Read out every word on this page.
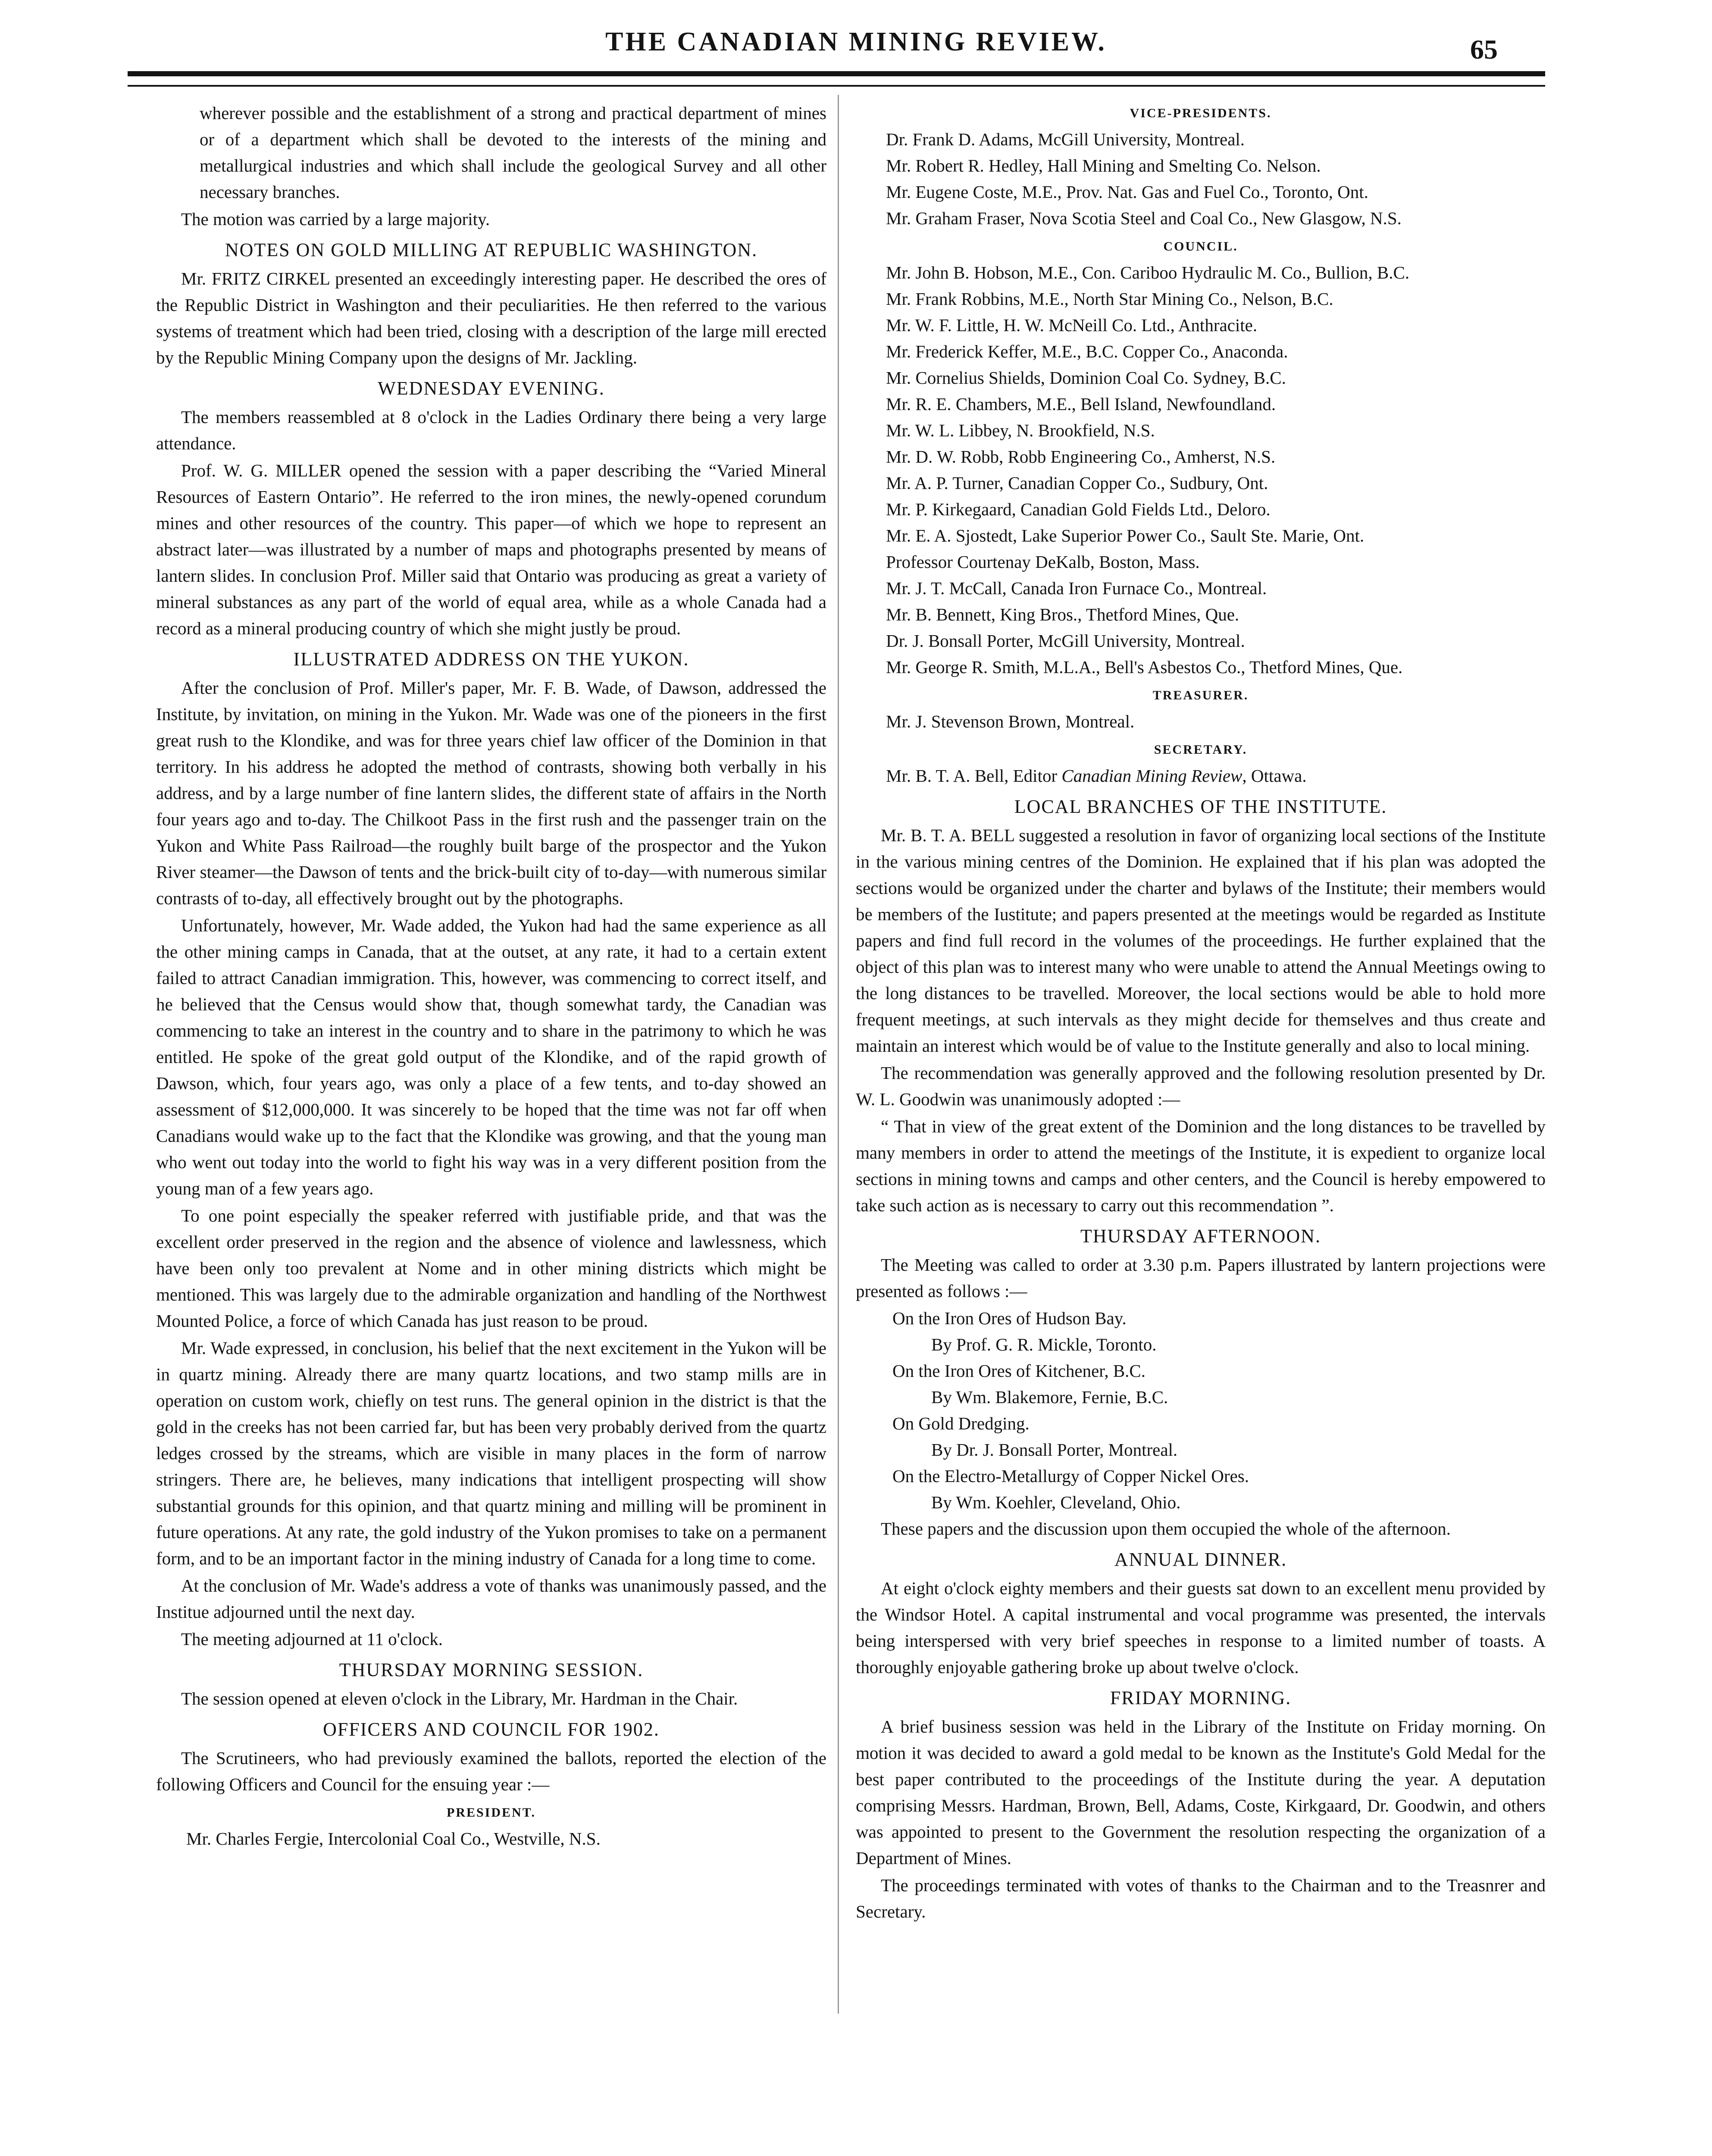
THE CANADIAN MINING REVIEW.	65

wherever possible and the establishment of a strong and practical department of mines or of a department which shall be devoted to the interests of the mining and metallurgical industries and which shall include the geological Survey and all other necessary branches.

The motion was carried by a large majority.

NOTES ON GOLD MILLING AT REPUBLIC WASHINGTON.

Mr. FRITZ CIRKEL presented an exceedingly interesting paper. He described the ores of the Republic District in Washington and their peculiarities. He then referred to the various systems of treatment which had been tried, closing with a description of the large mill erected by the Republic Mining Company upon the designs of Mr. Jackling.

WEDNESDAY EVENING.

The members reassembled at 8 o'clock in the Ladies Ordinary there being a very large attendance.

Prof. W. G. MILLER opened the session with a paper describing the “Varied Mineral Resources of Eastern Ontario”. He referred to the iron mines, the newly-opened corundum mines and other resources of the country. This paper—of which we hope to represent an abstract later—was illustrated by a number of maps and photographs presented by means of lantern slides. In conclusion Prof. Miller said that Ontario was producing as great a variety of mineral substances as any part of the world of equal area, while as a whole Canada had a record as a mineral producing country of which she might justly be proud.

ILLUSTRATED ADDRESS ON THE YUKON.

After the conclusion of Prof. Miller's paper, Mr. F. B. Wade, of Dawson, addressed the Institute, by invitation, on mining in the Yukon. Mr. Wade was one of the pioneers in the first great rush to the Klondike, and was for three years chief law officer of the Dominion in that territory. In his address he adopted the method of contrasts, showing both verbally in his address, and by a large number of fine lantern slides, the different state of affairs in the North four years ago and to-day. The Chilkoot Pass in the first rush and the passenger train on the Yukon and White Pass Railroad—the roughly built barge of the prospector and the Yukon River steamer—the Dawson of tents and the brick-built city of to-day—with numerous similar contrasts of to-day, all effectively brought out by the photographs.

Unfortunately, however, Mr. Wade added, the Yukon had had the same experience as all the other mining camps in Canada, that at the outset, at any rate, it had to a certain extent failed to attract Canadian immigration. This, however, was commencing to correct itself, and he believed that the Census would show that, though somewhat tardy, the Canadian was commencing to take an interest in the country and to share in the patrimony to which he was entitled. He spoke of the great gold output of the Klondike, and of the rapid growth of Dawson, which, four years ago, was only a place of a few tents, and to-day showed an assessment of $12,000,000. It was sincerely to be hoped that the time was not far off when Canadians would wake up to the fact that the Klondike was growing, and that the young man who went out today into the world to fight his way was in a very different position from the young man of a few years ago.

To one point especially the speaker referred with justifiable pride, and that was the excellent order preserved in the region and the absence of violence and lawlessness, which have been only too prevalent at Nome and in other mining districts which might be mentioned. This was largely due to the admirable organization and handling of the Northwest Mounted Police, a force of which Canada has just reason to be proud.

Mr. Wade expressed, in conclusion, his belief that the next excitement in the Yukon will be in quartz mining. Already there are many quartz locations, and two stamp mills are in operation on custom work, chiefly on test runs. The general opinion in the district is that the gold in the creeks has not been carried far, but has been very probably derived from the quartz ledges crossed by the streams, which are visible in many places in the form of narrow stringers. There are, he believes, many indications that intelligent prospecting will show substantial grounds for this opinion, and that quartz mining and milling will be prominent in future operations. At any rate, the gold industry of the Yukon promises to take on a permanent form, and to be an important factor in the mining industry of Canada for a long time to come.

At the conclusion of Mr. Wade's address a vote of thanks was unanimously passed, and the Institue adjourned until the next day.

The meeting adjourned at 11 o'clock.

THURSDAY MORNING SESSION.

The session opened at eleven o'clock in the Library, Mr. Hardman in the Chair.

OFFICERS AND COUNCIL FOR 1902.

The Scrutineers, who had previously examined the ballots, reported the election of the following Officers and Council for the ensuing year :—

PRESIDENT.

Mr. Charles Fergie, Intercolonial Coal Co., Westville, N.S.

VICE-PRESIDENTS.
Dr. Frank D. Adams, McGill University, Montreal.
Mr. Robert R. Hedley, Hall Mining and Smelting Co. Nelson.
Mr. Eugene Coste, M.E., Prov. Nat. Gas and Fuel Co., Toronto, Ont.
Mr. Graham Fraser, Nova Scotia Steel and Coal Co., New Glasgow, N.S.
COUNCIL.
Mr. John B. Hobson, M.E., Con. Cariboo Hydraulic M. Co., Bullion, B.C.
Mr. Frank Robbins, M.E., North Star Mining Co., Nelson, B.C.
Mr. W. F. Little, H. W. McNeill Co. Ltd., Anthracite.
Mr. Frederick Keffer, M.E., B.C. Copper Co., Anaconda.
Mr. Cornelius Shields, Dominion Coal Co. Sydney, B.C.
Mr. R. E. Chambers, M.E., Bell Island, Newfoundland.
Mr. W. L. Libbey, N. Brookfield, N.S.
Mr. D. W. Robb, Robb Engineering Co., Amherst, N.S.
Mr. A. P. Turner, Canadian Copper Co., Sudbury, Ont.
Mr. P. Kirkegaard, Canadian Gold Fields Ltd., Deloro.
Mr. E. A. Sjostedt, Lake Superior Power Co., Sault Ste. Marie, Ont.
Professor Courtenay DeKalb, Boston, Mass.
Mr. J. T. McCall, Canada Iron Furnace Co., Montreal.
Mr. B. Bennett, King Bros., Thetford Mines, Que.
Dr. J. Bonsall Porter, McGill University, Montreal.
Mr. George R. Smith, M.L.A., Bell's Asbestos Co., Thetford Mines, Que.
TREASURER.

Mr. J. Stevenson Brown, Montreal.

SECRETARY.

Mr. B. T. A. Bell, Editor Canadian Mining Review, Ottawa.

LOCAL BRANCHES OF THE INSTITUTE.

Mr. B. T. A. BELL suggested a resolution in favor of organizing local sections of the Institute in the various mining centres of the Dominion. He explained that if his plan was adopted the sections would be organized under the charter and bylaws of the Institute; their members would be members of the Iustitute; and papers presented at the meetings would be regarded as Institute papers and find full record in the volumes of the proceedings. He further explained that the object of this plan was to interest many who were unable to attend the Annual Meetings owing to the long distances to be travelled. Moreover, the local sections would be able to hold more frequent meetings, at such intervals as they might decide for themselves and thus create and maintain an interest which would be of value to the Institute generally and also to local mining.

The recommendation was generally approved and the following resolution presented by Dr. W. L. Goodwin was unanimously adopted :—

“ That in view of the great extent of the Dominion and the long distances to be travelled by many members in order to attend the meetings of the Institute, it is expedient to organize local sections in mining towns and camps and other centers, and the Council is hereby empowered to take such action as is necessary to carry out this recommendation ”.

THURSDAY AFTERNOON.

The Meeting was called to order at 3.30 p.m. Papers illustrated by lantern projections were presented as follows :—

On the Iron Ores of Hudson Bay.
By Prof. G. R. Mickle, Toronto.
On the Iron Ores of Kitchener, B.C.
By Wm. Blakemore, Fernie, B.C.
On Gold Dredging.
By Dr. J. Bonsall Porter, Montreal.
On the Electro-Metallurgy of Copper Nickel Ores.
By Wm. Koehler, Cleveland, Ohio.

These papers and the discussion upon them occupied the whole of the afternoon.

ANNUAL DINNER.

At eight o'clock eighty members and their guests sat down to an excellent menu provided by the Windsor Hotel. A capital instrumental and vocal programme was presented, the intervals being interspersed with very brief speeches in response to a limited number of toasts. A thoroughly enjoyable gathering broke up about twelve o'clock.

FRIDAY MORNING.

A brief business session was held in the Library of the Institute on Friday morning. On motion it was decided to award a gold medal to be known as the Institute's Gold Medal for the best paper contributed to the proceedings of the Institute during the year. A deputation comprising Messrs. Hardman, Brown, Bell, Adams, Coste, Kirkgaard, Dr. Goodwin, and others was appointed to present to the Government the resolution respecting the organization of a Department of Mines.

The proceedings terminated with votes of thanks to the Chairman and to the Treasnrer and Secretary.
